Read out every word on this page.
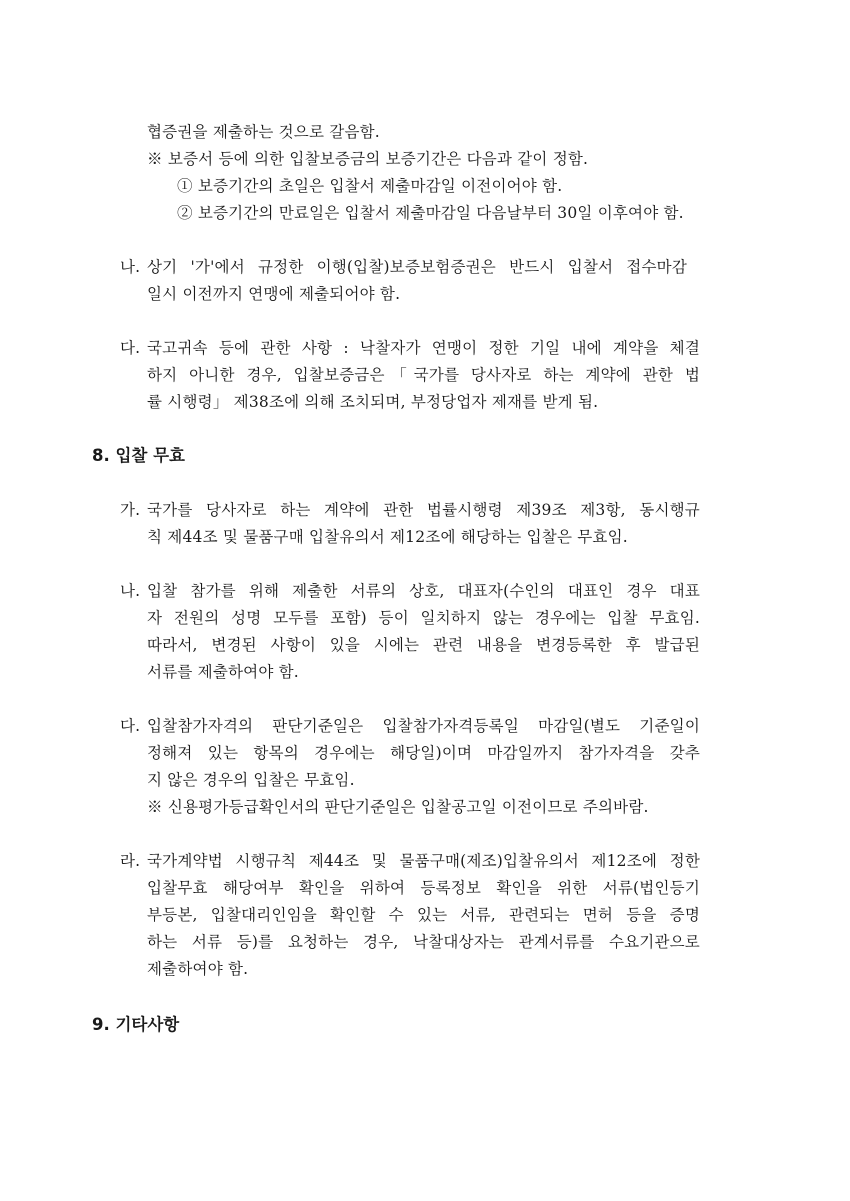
협증권을 제출하는 것으로 갈음함.
※ 보증서 등에 의한 입찰보증금의 보증기간은 다음과 같이 정함.
① 보증기간의 초일은 입찰서 제출마감일 이전이어야 함.
② 보증기간의 만료일은 입찰서 제출마감일 다음날부터 30일 이후여야 함.
나. 상기 '가'에서 규정한 이행(입찰)보증보험증권은 반드시 입찰서 접수마감
일시 이전까지 연맹에 제출되어야 함.
다. 국고귀속 등에 관한 사항 : 낙찰자가 연맹이 정한 기일 내에 계약을 체결
하지 아니한 경우, 입찰보증금은「국가를 당사자로 하는 계약에 관한 법
률 시행령」 제38조에 의해 조치되며, 부정당업자 제재를 받게 됨.
8. 입찰 무효
가. 국가를 당사자로 하는 계약에 관한 법률시행령 제39조 제3항, 동시행규
칙 제44조 및 물품구매 입찰유의서 제12조에 해당하는 입찰은 무효임.
나. 입찰 참가를 위해 제출한 서류의 상호, 대표자(수인의 대표인 경우 대표
자 전원의 성명 모두를 포함) 등이 일치하지 않는 경우에는 입찰 무효임.
따라서, 변경된 사항이 있을 시에는 관련 내용을 변경등록한 후 발급된
서류를 제출하여야 함.
다. 입찰참가자격의 판단기준일은 입찰참가자격등록일 마감일(별도 기준일이
정해져 있는 항목의 경우에는 해당일)이며 마감일까지 참가자격을 갖추
지 않은 경우의 입찰은 무효임.
※ 신용평가등급확인서의 판단기준일은 입찰공고일 이전이므로 주의바람.
라. 국가계약법 시행규칙 제44조 및 물품구매(제조)입찰유의서 제12조에 정한
입찰무효 해당여부 확인을 위하여 등록정보 확인을 위한 서류(법인등기
부등본, 입찰대리인임을 확인할 수 있는 서류, 관련되는 면허 등을 증명
하는 서류 등)를 요청하는 경우, 낙찰대상자는 관계서류를 수요기관으로
제출하여야 함.
9. 기타사항
